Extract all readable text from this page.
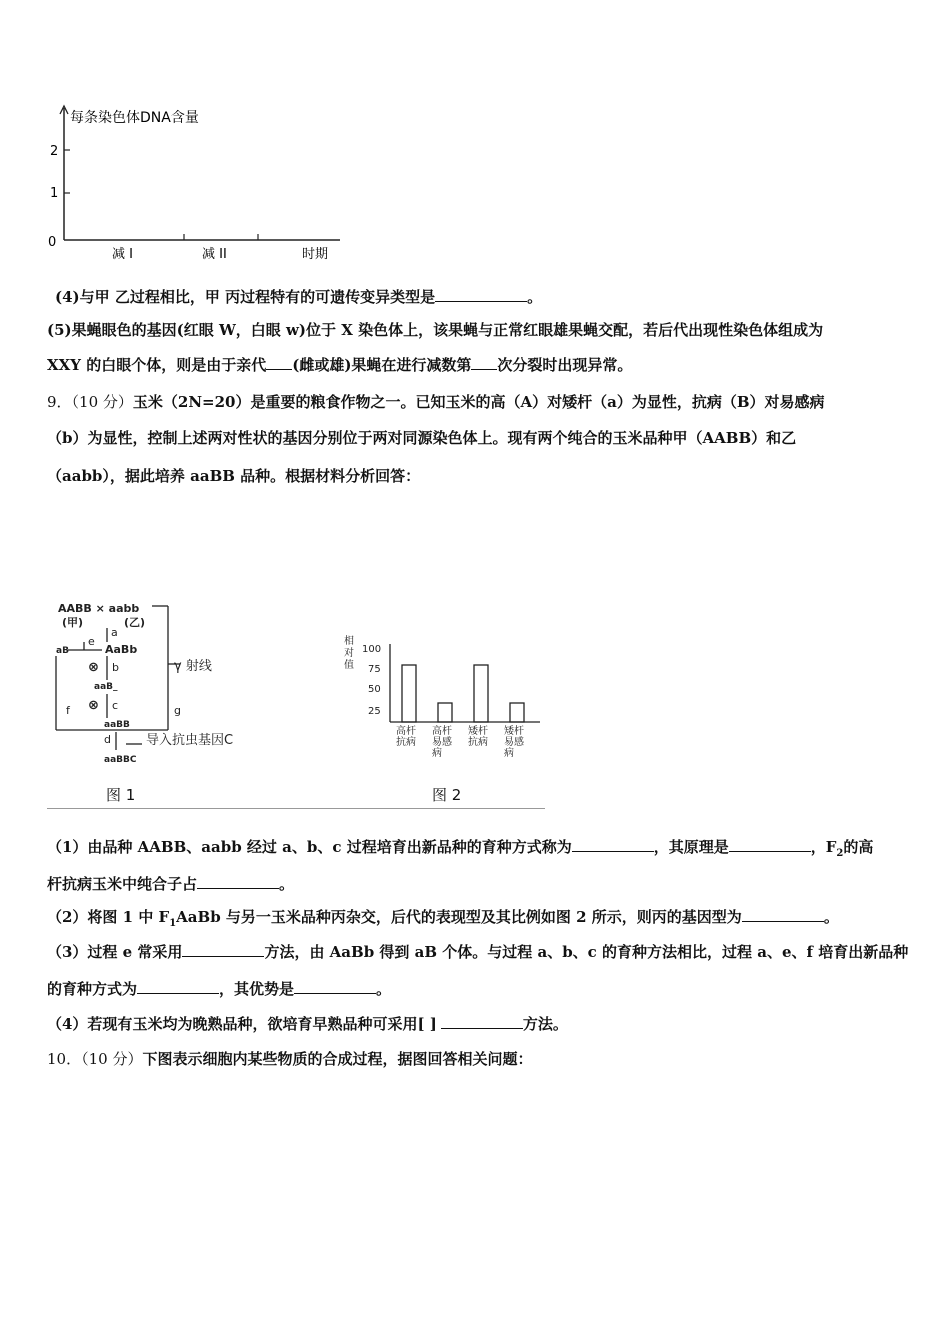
每条染色体DNA含量
2
1
0
减 I	减 II	时期
(4)与甲 乙过程相比，甲 丙过程特有的可遗传变异类型是	。
(5)果蝇眼色的基因(红眼 W，白眼 w)位于 X 染色体上，该果蝇与正常红眼雄果蝇交配，若后代出现性染色体组成为
XXY 的白眼个体，则是由于亲代 (雌或雄)果蝇在进行减数第 次分裂时出现异常。
9．（10 分）玉米（2N=20）是重要的粮食作物之一。已知玉米的高（A）对矮杆（a）为显性，抗病（B）对易感病
（b）为显性，控制上述两对性状的基因分别位于两对同源染色体上。现有两个纯合的玉米品种甲（AABB）和乙
（aabb），据此培养 aaBB 品种。根据材料分析回答：
AABB × aabb
(甲)	(乙)
a
e
aB	AaBb
⊗ b
aaB_
⊗ c
f	g
aaBB
d
aaBBC
γ 射线
导入抗虫基因C
图 1
相
对
值
100
75
50
25
高杆
抗病
高杆
易感
病
矮杆
抗病
矮杆
易感
病
图 2
（1）由品种 AABB、aabb 经过 a、b、c 过程培育出新品种的育种方式称为	，其原理是	，$F_2$的高
杆抗病玉米中纯合子占	。
（2）将图 1 中 $F_1AaBb$ 与另一玉米品种丙杂交，后代的表现型及其比例如图 2 所示，则丙的基因型为	。
（3）过程 e 常采用	方法，由 AaBb 得到 aB 个体。与过程 a、b、c 的育种方法相比，过程 a、e、f 培育出新品种
的育种方式为	，其优势是	。
（4）若现有玉米均为晚熟品种，欲培育早熟品种可采用[ ]	方法。
10．（10 分）下图表示细胞内某些物质的合成过程，据图回答相关问题：
